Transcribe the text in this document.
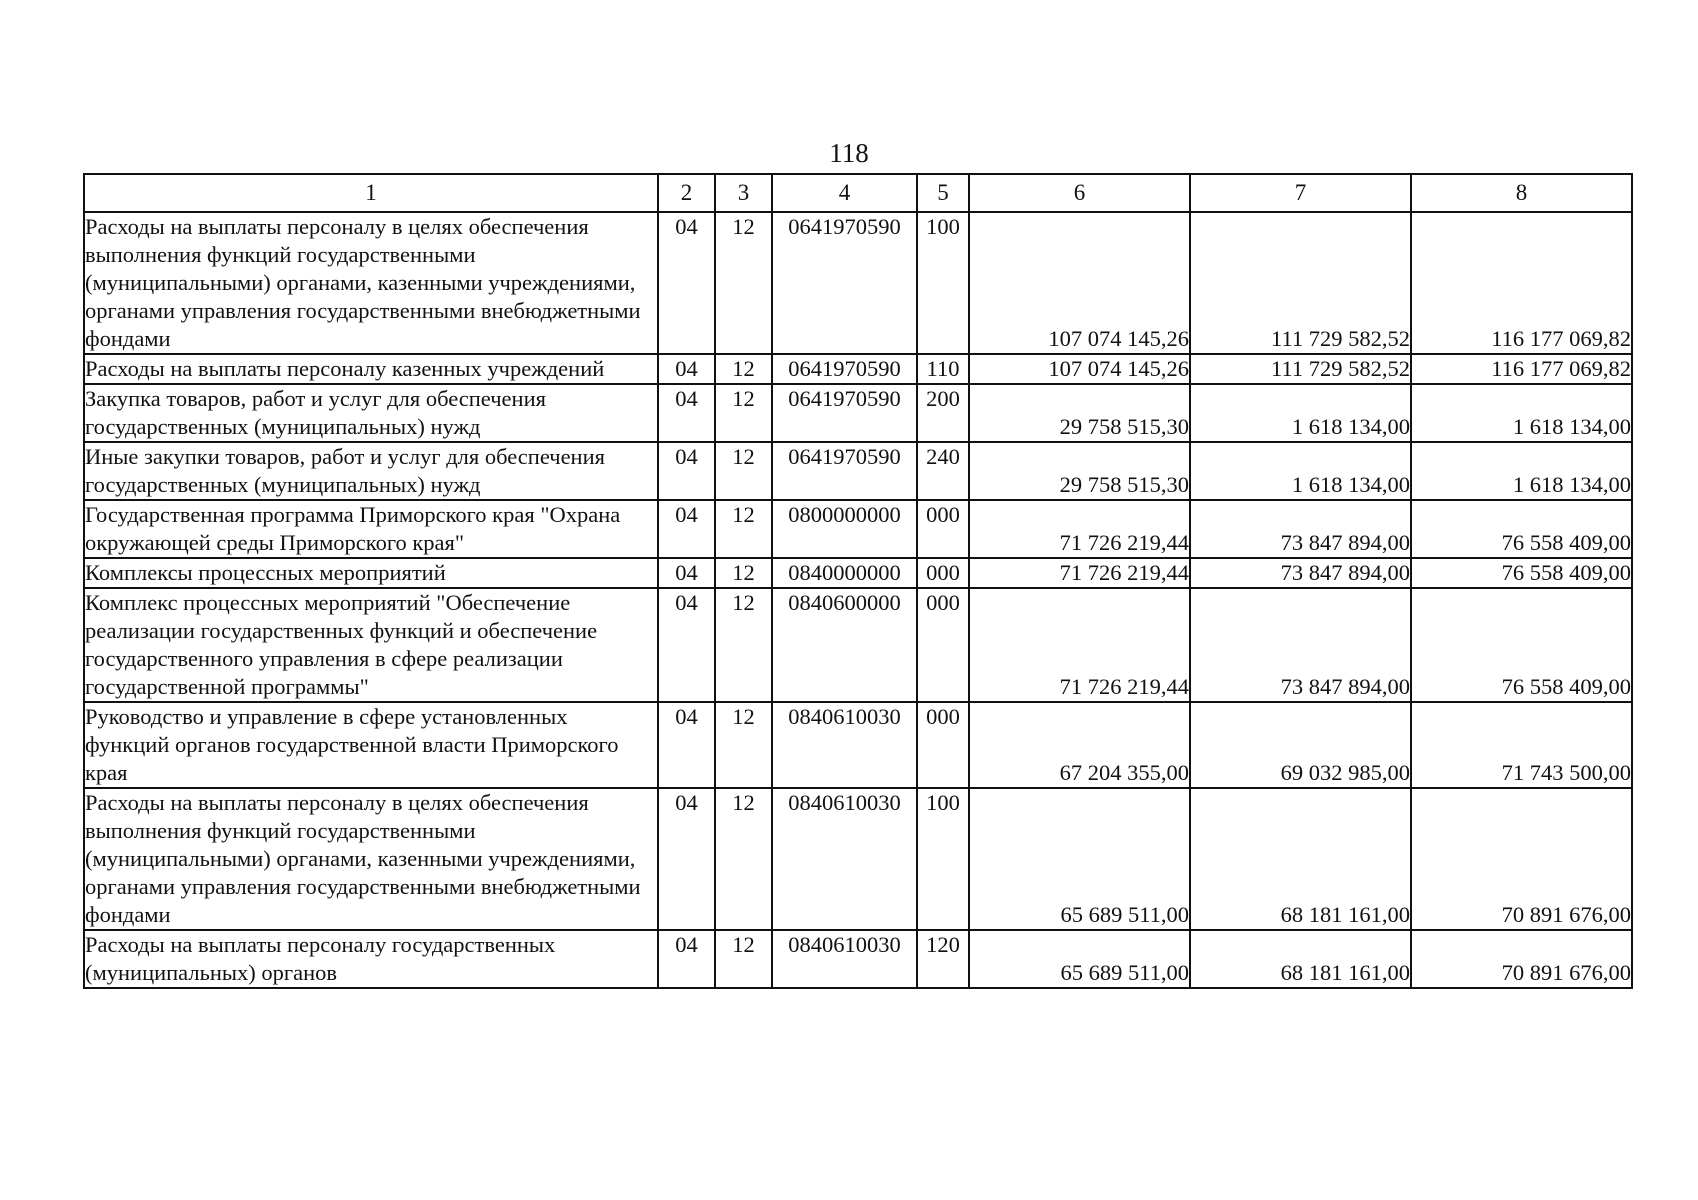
118
1	2	3	4	5	6	7	8
Расходы на выплаты персоналу в целях обеспечения выполнения функций государственными (муниципальными) органами, казенными учреждениями, органами управления государственными внебюджетными фондами	04	12	0641970590	100	107 074 145,26	111 729 582,52	116 177 069,82
Расходы на выплаты персоналу казенных учреждений	04	12	0641970590	110	107 074 145,26	111 729 582,52	116 177 069,82
Закупка товаров, работ и услуг для обеспечения государственных (муниципальных) нужд	04	12	0641970590	200	29 758 515,30	1 618 134,00	1 618 134,00
Иные закупки товаров, работ и услуг для обеспечения государственных (муниципальных) нужд	04	12	0641970590	240	29 758 515,30	1 618 134,00	1 618 134,00
Государственная программа Приморского края "Охрана окружающей среды Приморского края"	04	12	0800000000	000	71 726 219,44	73 847 894,00	76 558 409,00
Комплексы процессных мероприятий	04	12	0840000000	000	71 726 219,44	73 847 894,00	76 558 409,00
Комплекс процессных мероприятий "Обеспечение реализации государственных функций и обеспечение государственного управления в сфере реализации государственной программы"	04	12	0840600000	000	71 726 219,44	73 847 894,00	76 558 409,00
Руководство и управление в сфере установленных функций органов государственной власти Приморского края	04	12	0840610030	000	67 204 355,00	69 032 985,00	71 743 500,00
Расходы на выплаты персоналу в целях обеспечения выполнения функций государственными (муниципальными) органами, казенными учреждениями, органами управления государственными внебюджетными фондами	04	12	0840610030	100	65 689 511,00	68 181 161,00	70 891 676,00
Расходы на выплаты персоналу государственных (муниципальных) органов	04	12	0840610030	120	65 689 511,00	68 181 161,00	70 891 676,00
